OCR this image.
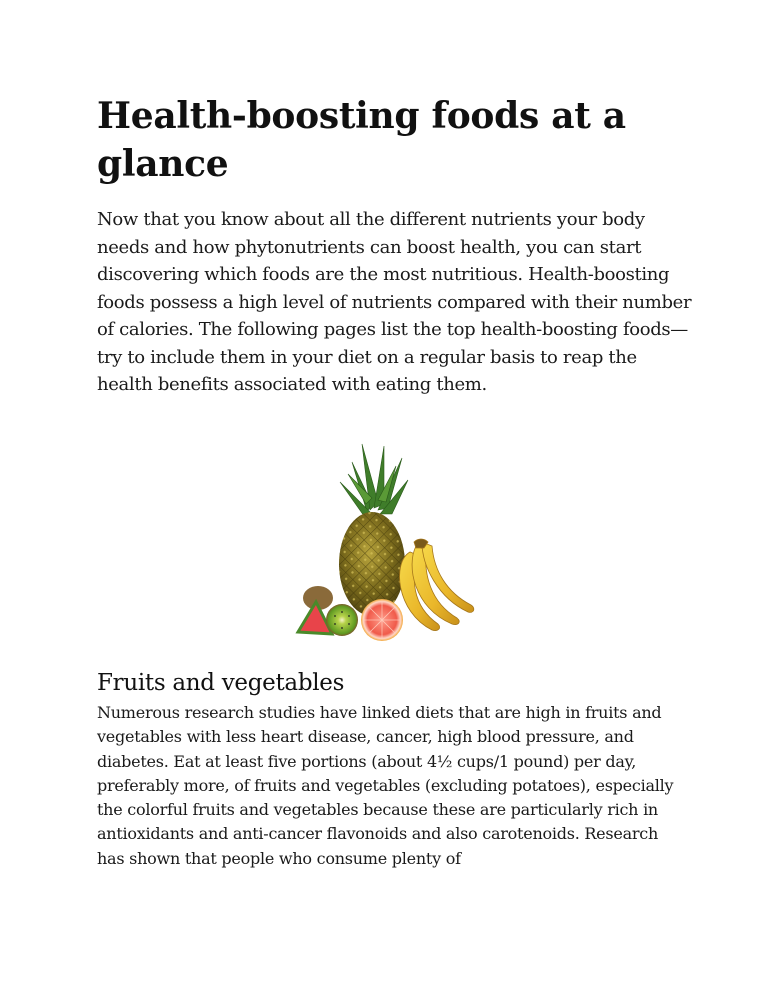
Health-boosting foods at a glance

Now that you know about all the different nutrients your body needs and how phytonutrients can boost health, you can start discovering which foods are the most nutritious. Health-boosting foods possess a high level of nutrients compared with their number of calories. The following pages list the top health-boosting foods—try to include them in your diet on a regular basis to reap the health benefits associated with eating them.

Fruits and vegetables

Numerous research studies have linked diets that are high in fruits and vegetables with less heart disease, cancer, high blood pressure, and diabetes. Eat at least five portions (about 4½ cups/1 pound) per day, preferably more, of fruits and vegetables (excluding potatoes), especially the colorful fruits and vegetables because these are particularly rich in antioxidants and anti-cancer flavonoids and also carotenoids. Research has shown that people who consume plenty of
